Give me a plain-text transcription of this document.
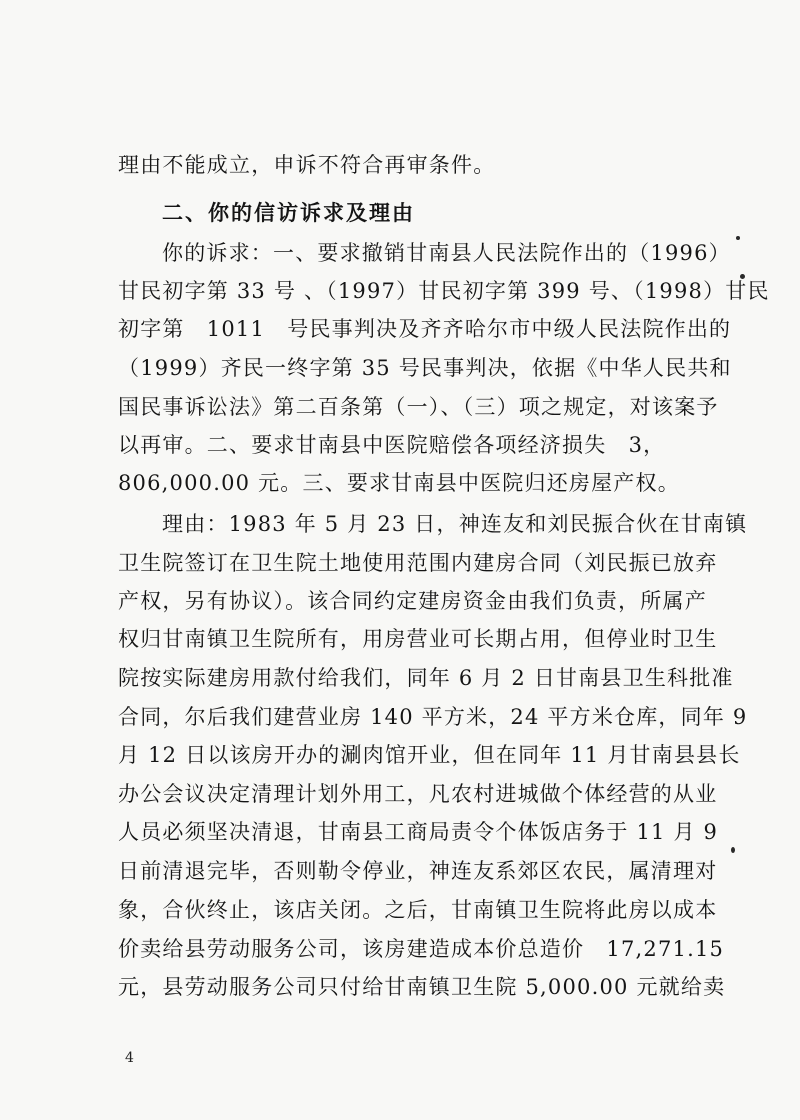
理由不能成立，申诉不符合再审条件。
二、你的信访诉求及理由
你的诉求：一、要求撤销甘南县人民法院作出的（1996）
甘民初字第 33 号 、（1997）甘民初字第 399 号、（1998）甘民
初字第　1011　号民事判决及齐齐哈尔市中级人民法院作出的
（1999）齐民一终字第 35 号民事判决，依据《中华人民共和
国民事诉讼法》第二百条第（一）、（三）项之规定，对该案予
以再审。二、要求甘南县中医院赔偿各项经济损失　3，
806,000.00 元。三、要求甘南县中医院归还房屋产权。
理由：1983 年 5 月 23 日，神连友和刘民振合伙在甘南镇
卫生院签订在卫生院土地使用范围内建房合同（刘民振已放弃
产权，另有协议）。该合同约定建房资金由我们负责，所属产
权归甘南镇卫生院所有，用房营业可长期占用，但停业时卫生
院按实际建房用款付给我们，同年 6 月 2 日甘南县卫生科批准
合同，尔后我们建营业房 140 平方米，24 平方米仓库，同年 9
月 12 日以该房开办的涮肉馆开业，但在同年 11 月甘南县县长
办公会议决定清理计划外用工，凡农村进城做个体经营的从业
人员必须坚决清退，甘南县工商局责令个体饭店务于 11 月 9
日前清退完毕，否则勒令停业，神连友系郊区农民，属清理对
象，合伙终止，该店关闭。之后，甘南镇卫生院将此房以成本
价卖给县劳动服务公司，该房建造成本价总造价　17,271.15
元，县劳动服务公司只付给甘南镇卫生院 5,000.00 元就给卖
4
